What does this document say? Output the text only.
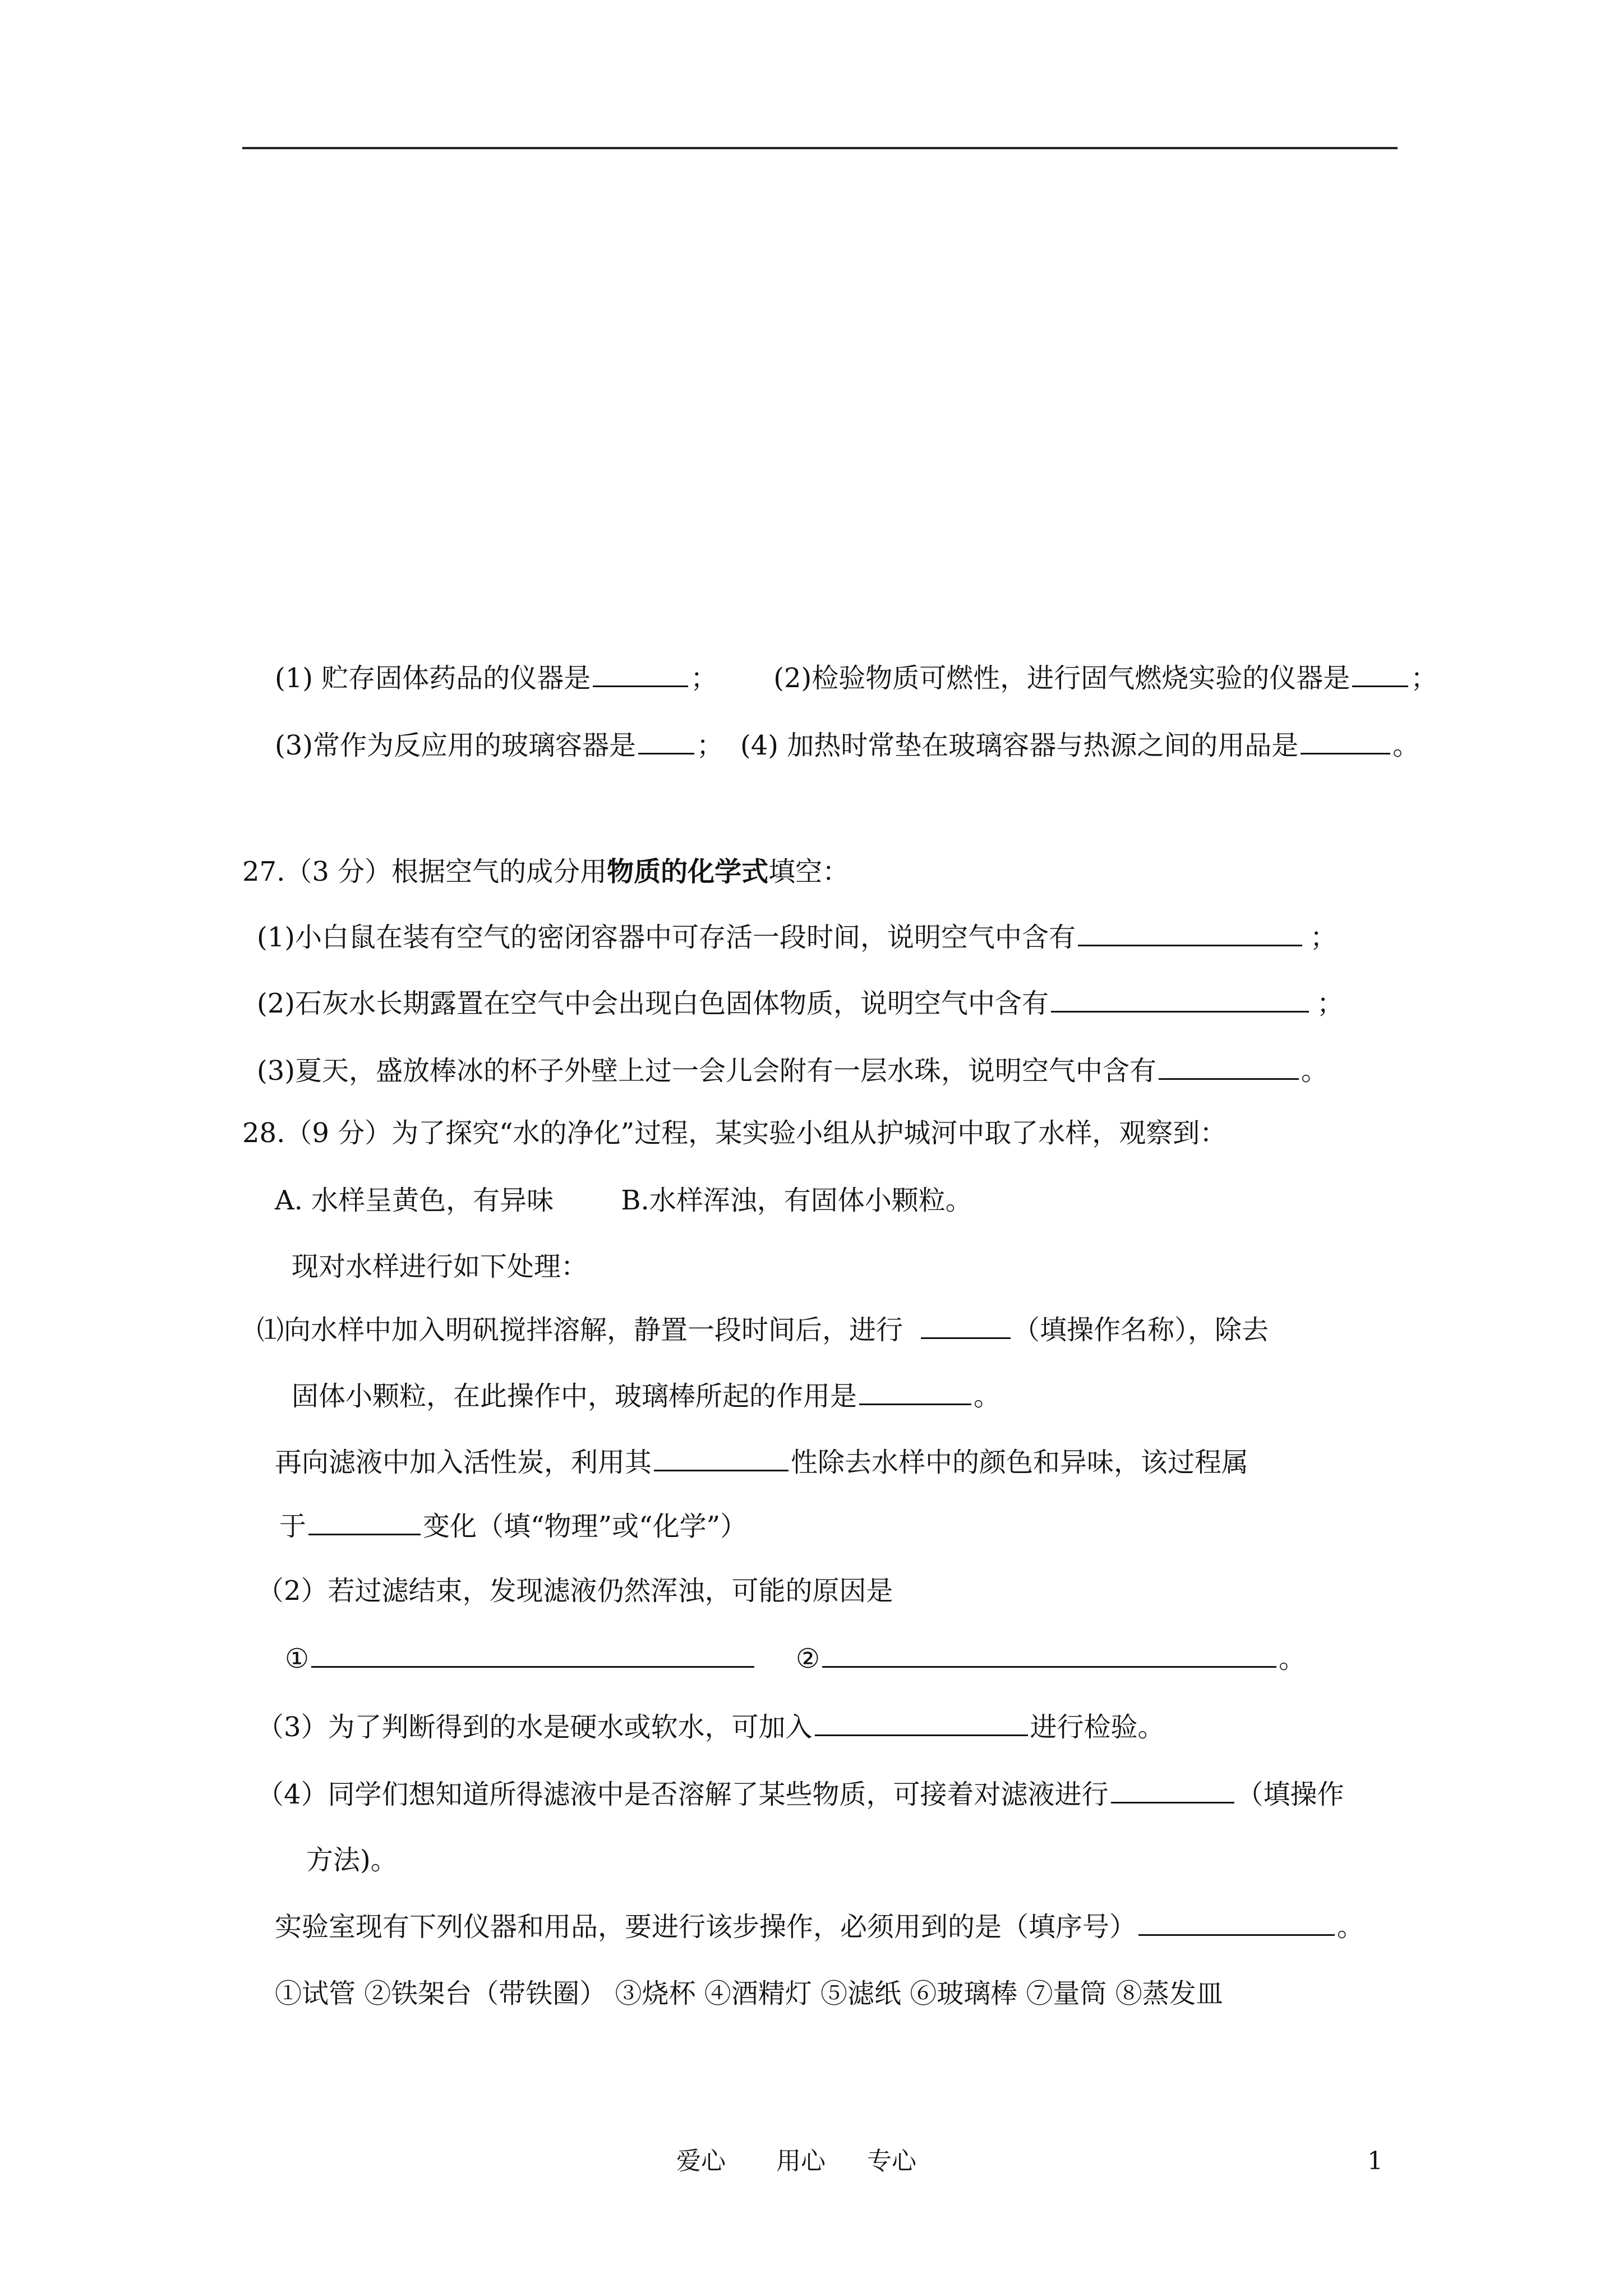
(1) 贮存固体药品的仪器是	； (2)检验物质可燃性，进行固气燃烧实验的仪器是 ；
(3)常作为反应用的玻璃容器是 ； (4) 加热时常垫在玻璃容器与热源之间的用品是	。
27.（3 分）根据空气的成分用物质的化学式填空：
(1)小白鼠在装有空气的密闭容器中可存活一段时间，说明空气中含有	；
(2)石灰水长期露置在空气中会出现白色固体物质，说明空气中含有	；
(3)夏天，盛放棒冰的杯子外壁上过一会儿会附有一层水珠，说明空气中含有	。
28.（9 分）为了探究“水的净化”过程，某实验小组从护城河中取了水样，观察到：
A. 水样呈黄色，有异味	B.水样浑浊，有固体小颗粒。
现对水样进行如下处理：
⑴向水样中加入明矾搅拌溶解，静置一段时间后，进行	（填操作名称），除去
固体小颗粒，在此操作中，玻璃棒所起的作用是	。
再向滤液中加入活性炭，利用其	性除去水样中的颜色和异味，该过程属
于	变化（填“物理”或“化学”）
（2）若过滤结束，发现滤液仍然浑浊，可能的原因是
①	②	。
（3）为了判断得到的水是硬水或软水，可加入	进行检验。
（4）同学们想知道所得滤液中是否溶解了某些物质，可接着对滤液进行	（填操作
方法)。
实验室现有下列仪器和用品，要进行该步操作，必须用到的是（填序号）	。
①试管 ②铁架台（带铁圈） ③烧杯 ④酒精灯 ⑤滤纸 ⑥玻璃棒 ⑦量筒 ⑧蒸发皿
爱心 用心 专心	1
